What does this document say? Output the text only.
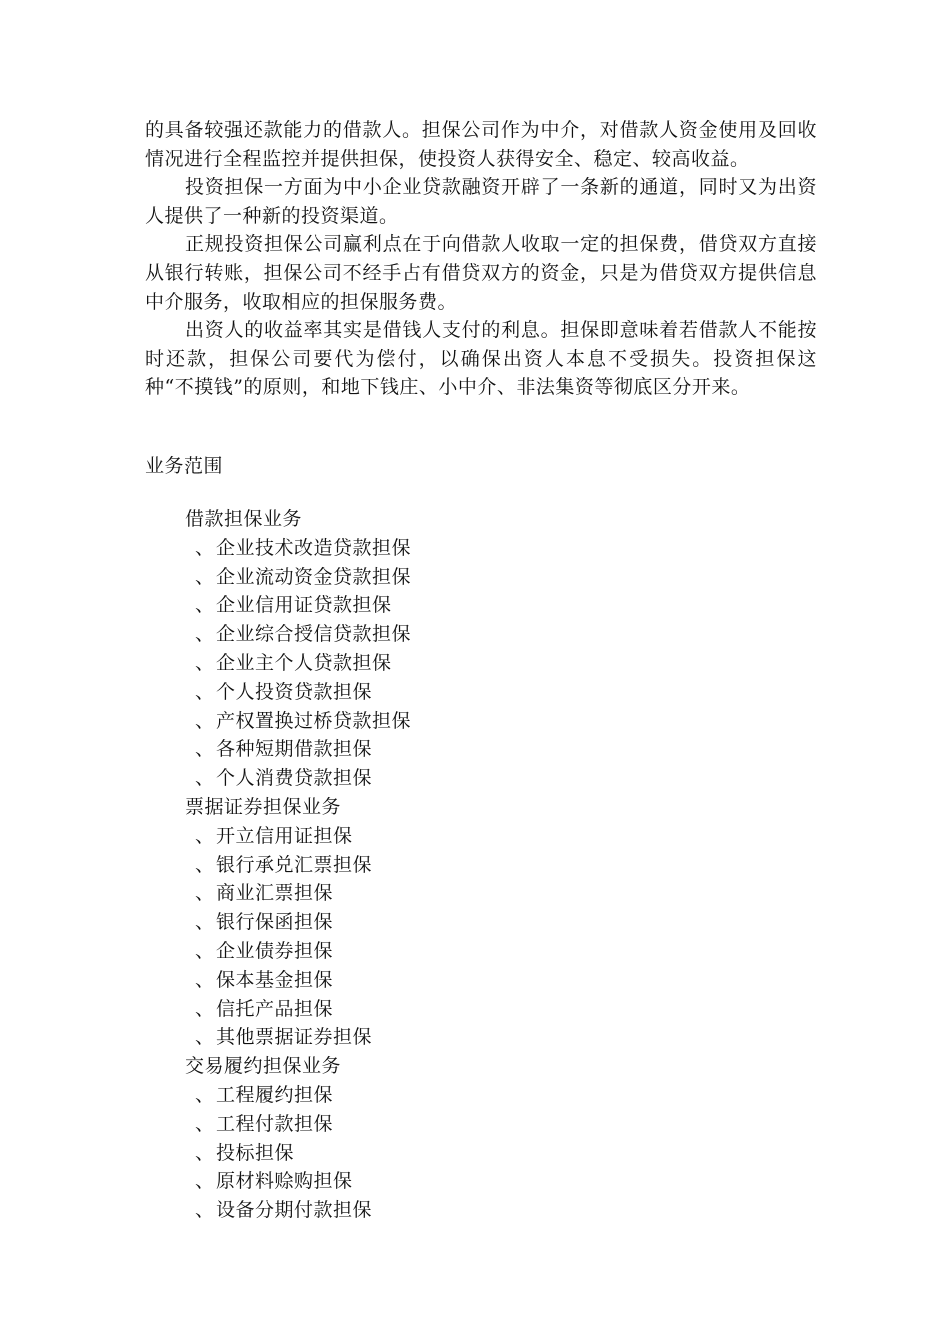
的具备较强还款能力的借款人。担保公司作为中介，对借款人资金使用及回收情况进行全程监控并提供担保，使投资人获得安全、稳定、较高收益。

投资担保一方面为中小企业贷款融资开辟了一条新的通道，同时又为出资人提供了一种新的投资渠道。

正规投资担保公司赢利点在于向借款人收取一定的担保费，借贷双方直接从银行转账，担保公司不经手占有借贷双方的资金，只是为借贷双方提供信息中介服务，收取相应的担保服务费。

出资人的收益率其实是借钱人支付的利息。担保即意味着若借款人不能按时还款，担保公司要代为偿付，以确保出资人本息不受损失。投资担保这种“不摸钱”的原则，和地下钱庄、小中介、非法集资等彻底区分开来。

业务范围
借款担保业务
、企业技术改造贷款担保
、企业流动资金贷款担保
、企业信用证贷款担保
、企业综合授信贷款担保
、企业主个人贷款担保
、个人投资贷款担保
、产权置换过桥贷款担保
、各种短期借款担保
、个人消费贷款担保
票据证券担保业务
、开立信用证担保
、银行承兑汇票担保
、商业汇票担保
、银行保函担保
、企业债券担保
、保本基金担保
、信托产品担保
、其他票据证券担保
交易履约担保业务
、工程履约担保
、工程付款担保
、投标担保
、原材料赊购担保
、设备分期付款担保
